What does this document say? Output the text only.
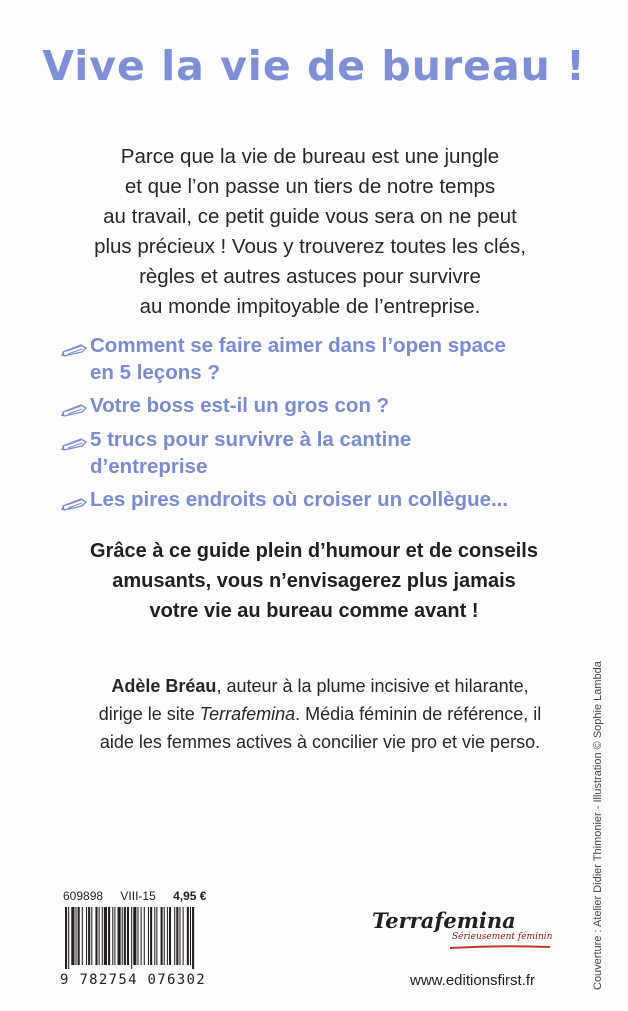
Vive la vie de bureau !
Parce que la vie de bureau est une jungle
et que l’on passe un tiers de notre temps
au travail, ce petit guide vous sera on ne peut
plus précieux ! Vous y trouverez toutes les clés,
règles et autres astuces pour survivre
au monde impitoyable de l’entreprise.
Comment se faire aimer dans l’open space
en 5 leçons ?
Votre boss est-il un gros con ?
5 trucs pour survivre à la cantine
d’entreprise
Les pires endroits où croiser un collègue...
Grâce à ce guide plein d’humour et de conseils
amusants, vous n’envisagerez plus jamais
votre vie au bureau comme avant !
Adèle Bréau, auteur à la plume incisive et hilarante,
dirige le site Terrafemina. Média féminin de référence, il
aide les femmes actives à concilier vie pro et vie perso.	Couverture : Atelier Didier Thimonier - Illustration © Sophie Lambda
609898 VIII-15 4,95 €
9 782754 076302
Terrafemina
Sérieusement féminin
www.editionsfirst.fr
